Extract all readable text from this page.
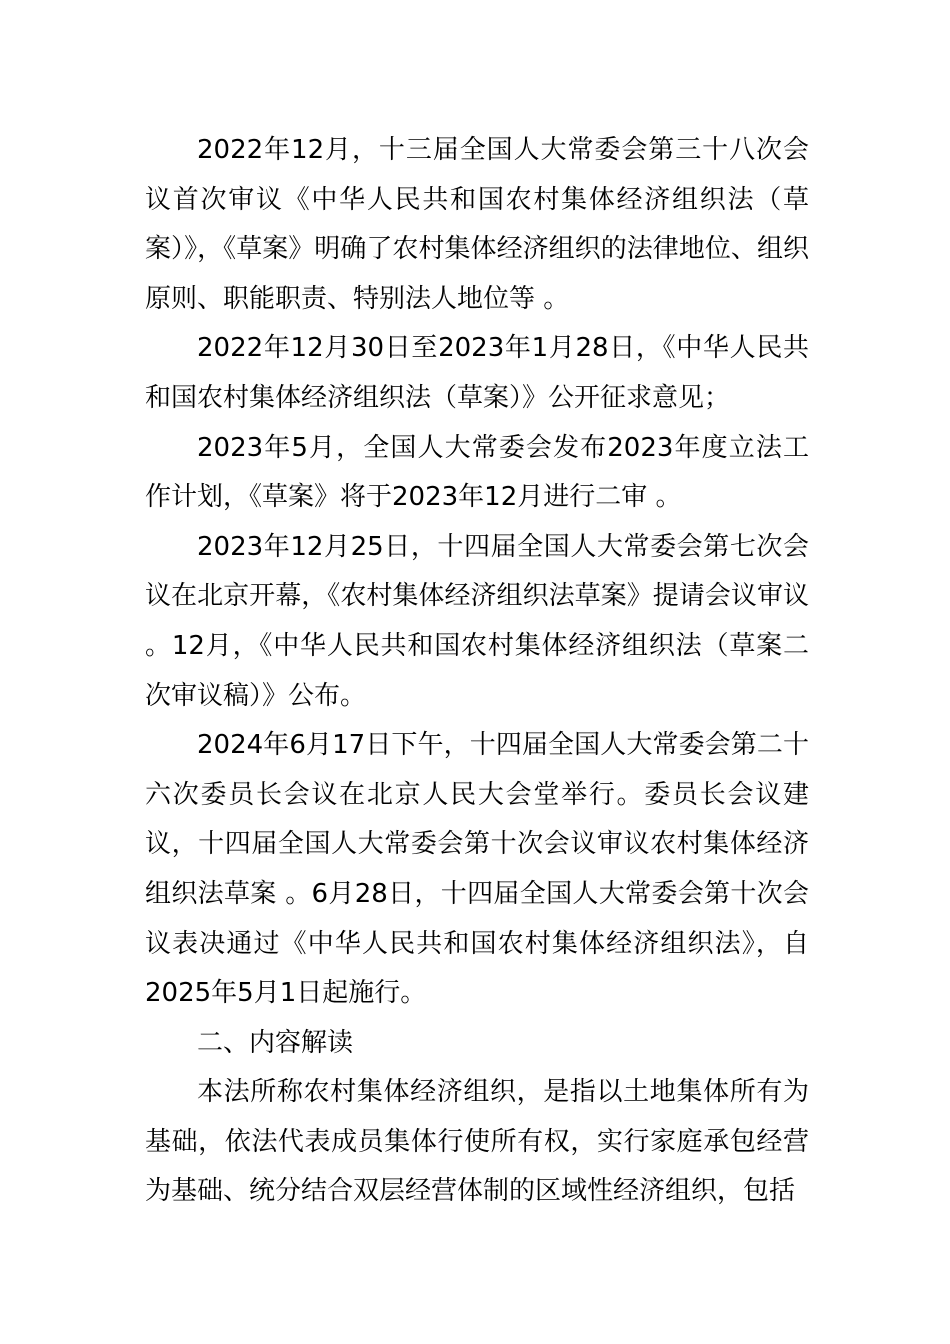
2022年12月，十三届全国人大常委会第三十八次会议首次审议《中华人民共和国农村集体经济组织法（草案）》，《草案》明确了农村集体经济组织的法律地位、组织原则、职能职责、特别法人地位等 。

2022年12月30日至2023年1月28日，《中华人民共和国农村集体经济组织法（草案）》公开征求意见；

2023年5月，全国人大常委会发布2023年度立法工作计划，《草案》将于2023年12月进行二审 。

2023年12月25日，十四届全国人大常委会第七次会议在北京开幕，《农村集体经济组织法草案》提请会议审议 。12月，《中华人民共和国农村集体经济组织法（草案二次审议稿）》公布。

2024年6月17日下午，十四届全国人大常委会第二十六次委员长会议在北京人民大会堂举行。委员长会议建议，十四届全国人大常委会第十次会议审议农村集体经济组织法草案 。6月28日，十四届全国人大常委会第十次会议表决通过《中华人民共和国农村集体经济组织法》，自2025年5月1日起施行。

二、内容解读

本法所称农村集体经济组织，是指以土地集体所有为基础，依法代表成员集体行使所有权，实行家庭承包经营为基础、统分结合双层经营体制的区域性经济组织，包括
